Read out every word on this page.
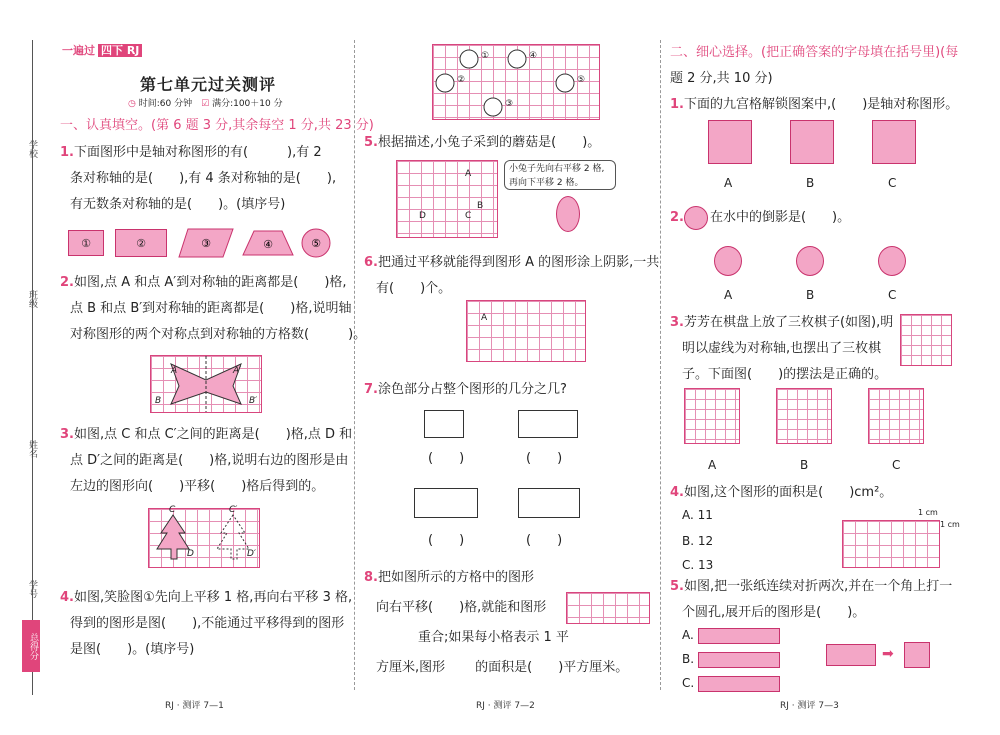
学校
班级
姓名
学号
总得分
一遍过 四下 RJ
第七单元过关测评
◷ 时间:60 分钟　 ☑ 满分:100＋10 分
一、认真填空。(第 6 题 3 分,其余每空 1 分,共 23 分)
1.下面图形中是轴对称图形的有(　　　),有 2
条对称轴的是(　　),有 4 条对称轴的是(　　),
有无数条对称轴的是(　　)。(填序号)
①	②	③	④	⑤
2.如图,点 A 和点 A′到对称轴的距离都是(　　)格,
点 B 和点 B′到对称轴的距离都是(　　)格,说明轴
对称图形的两个对称点到对称轴的方格数(　　　)。
A	A′
B	B′
3.如图,点 C 和点 C′之间的距离是(　　)格,点 D 和
点 D′之间的距离是(　　)格,说明右边的图形是由
左边的图形向(　　)平移(　　)格后得到的。
C	C′
D	D′
4.如图,笑脸图①先向上平移 1 格,再向右平移 3 格,
得到的图形是图(　　),不能通过平移得到的图形
是图(　　)。(填序号)
RJ · 测评 7—1
①	④
②	⑤
③
5.根据描述,小兔子采到的蘑菇是(　　)。
A
B
C
D
小兔子先向右平移 2 格,
再向下平移 2 格。
6.把通过平移就能得到图形 A 的图形涂上阴影,一共
有(　　)个。
A
7.涂色部分占整个图形的几分之几?
(　　)	(　　)
(　　)	(　　)
8.把如图所示的方格中的图形
向右平移(　　)格,就能和图形
重合;如果每小格表示 1 平
方厘米,图形 的面积是(　　)平方厘米。
RJ · 测评 7—2
二、细心选择。(把正确答案的字母填在括号里)(每
题 2 分,共 10 分)
1.下面的九宫格解锁图案中,(　　)是轴对称图形。
A	B	C
2. 在水中的倒影是(　　)。
A	B	C
3.芳芳在棋盘上放了三枚棋子(如图),明
明以虚线为对称轴,也摆出了三枚棋
子。下面图(　　)的摆法是正确的。
A	B	C
4.如图,这个图形的面积是(　　)cm²。
A. 11
B. 12
C. 13
1 cm
1 cm
5.如图,把一张纸连续对折两次,并在一个角上打一
个圆孔,展开后的图形是(　　)。
A.
B.
C.
➡
RJ · 测评 7—3
